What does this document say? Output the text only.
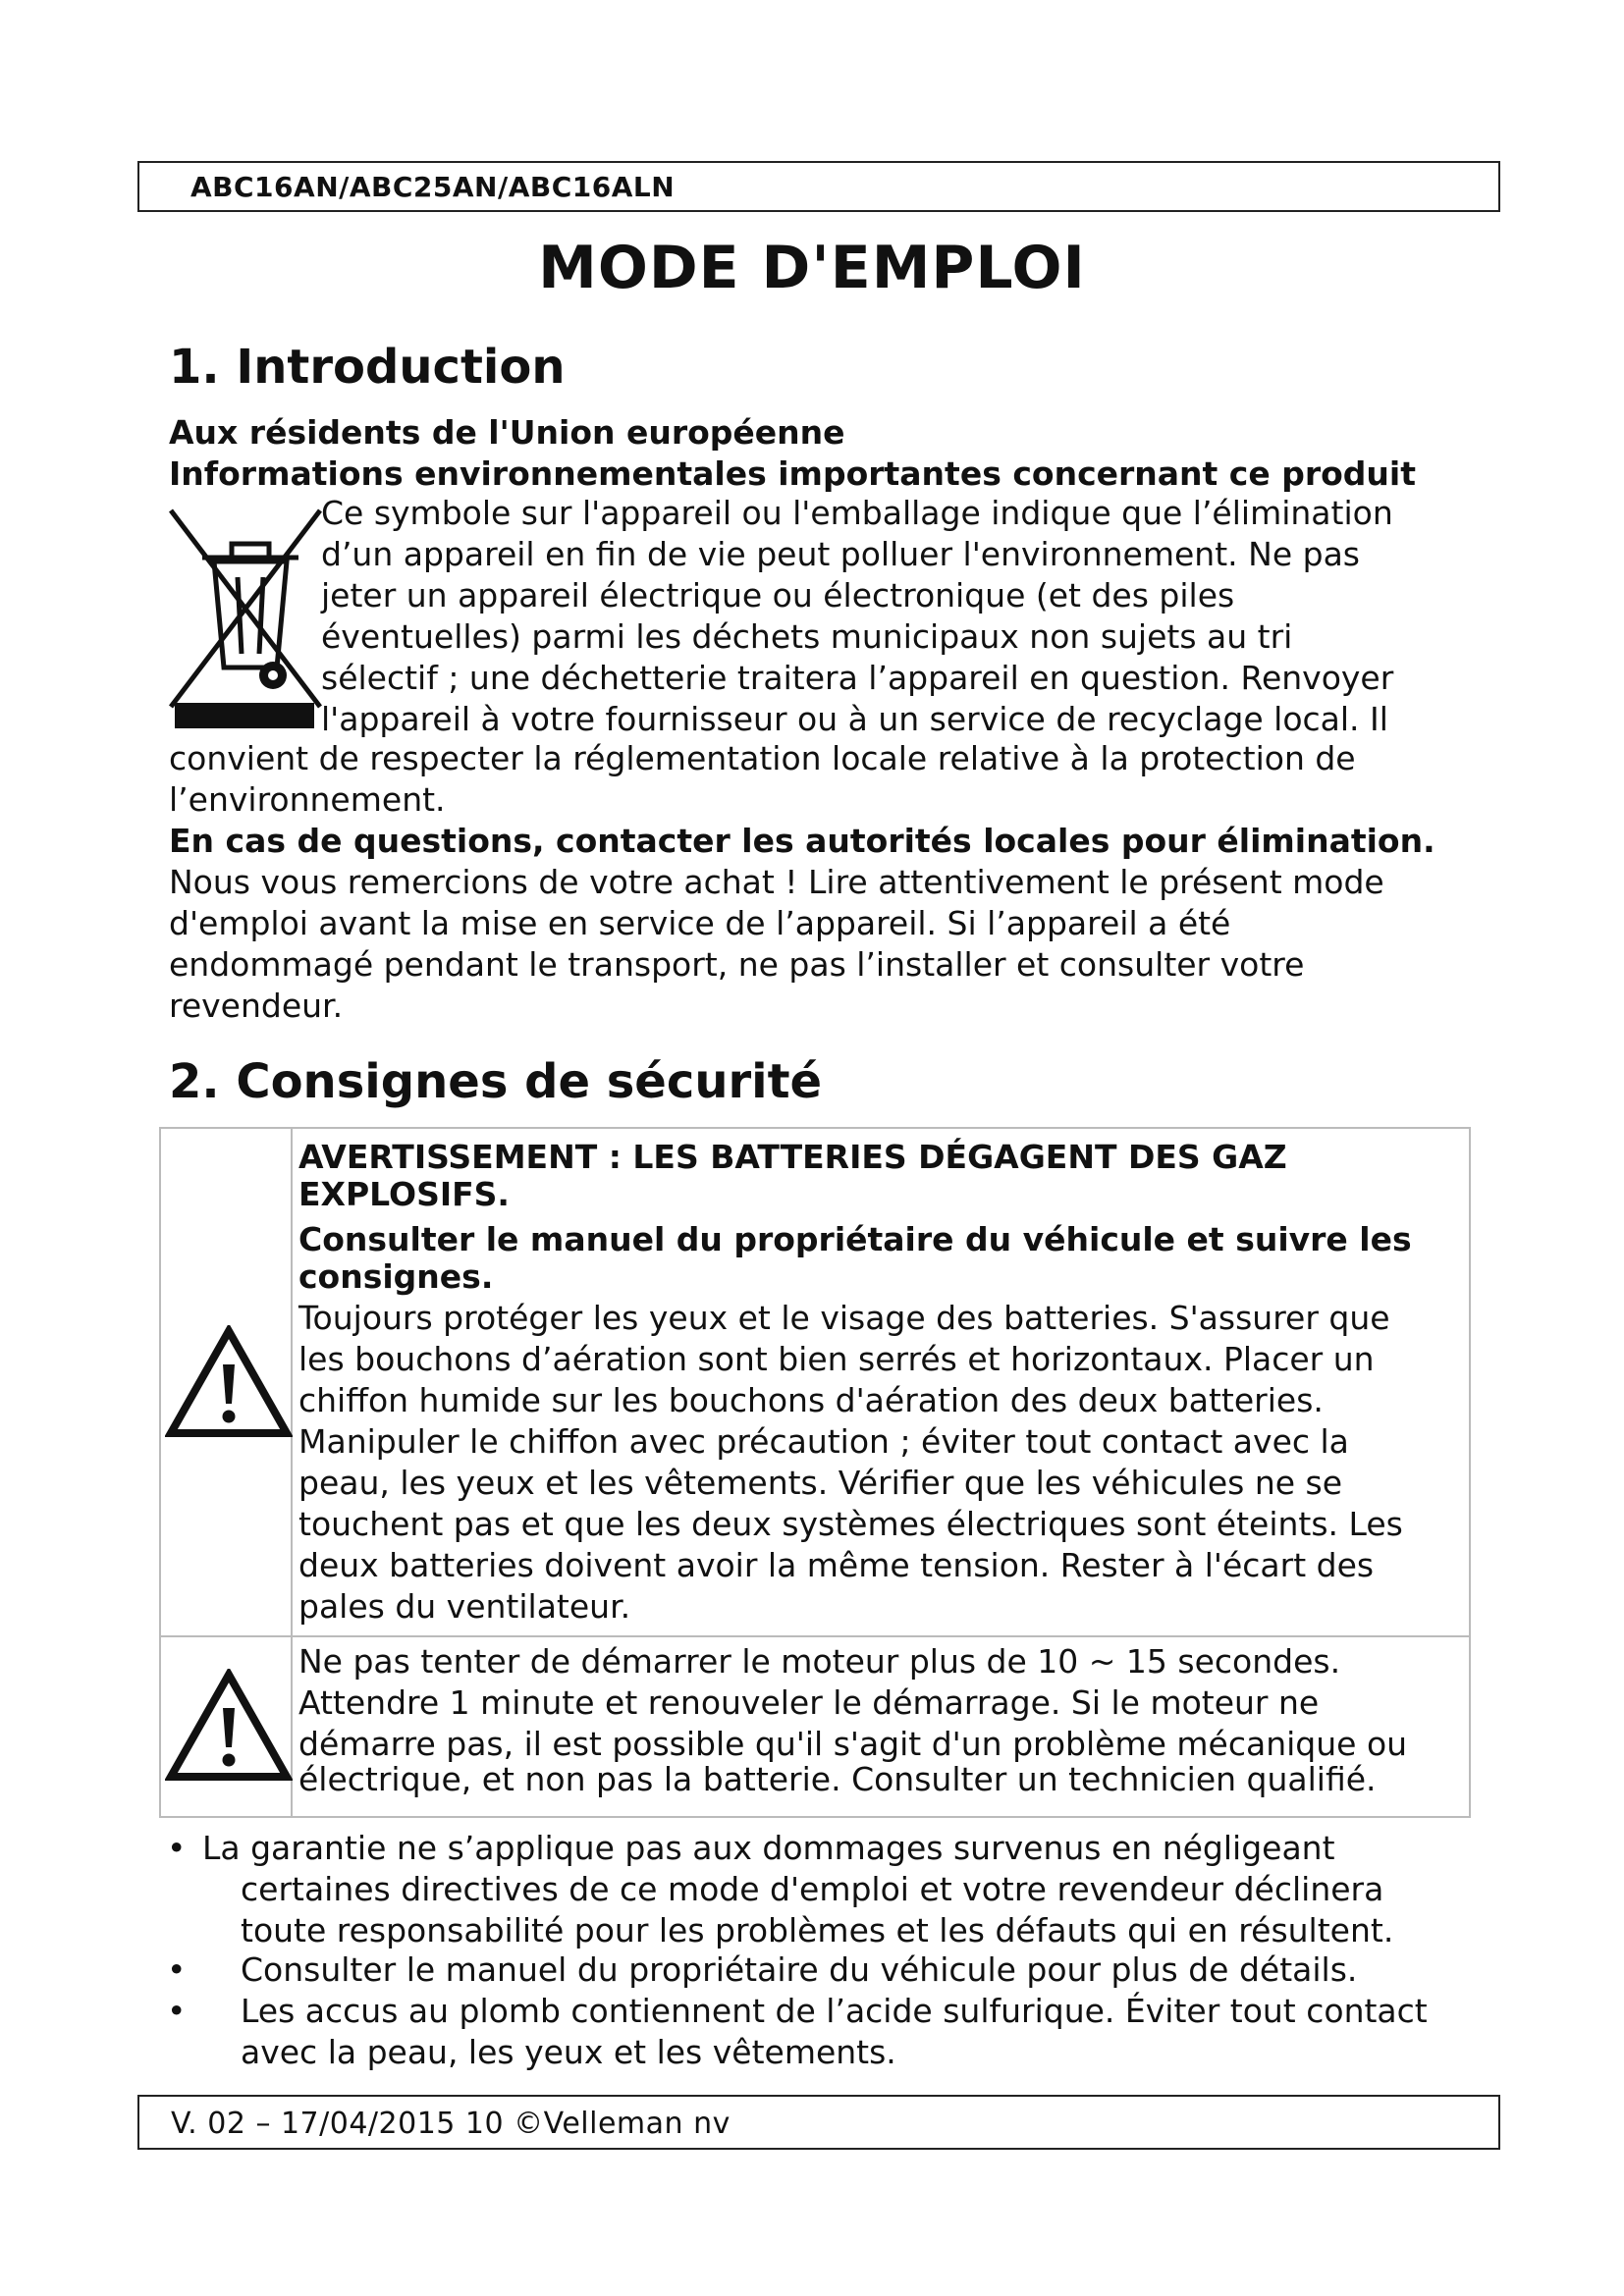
ABC16AN/ABC25AN/ABC16ALN
MODE D'EMPLOI
1. Introduction
Aux résidents de l'Union européenne
Informations environnementales importantes concernant ce produit
Ce symbole sur l'appareil ou l'emballage indique que l’élimination
d’un appareil en fin de vie peut polluer l'environnement. Ne pas
jeter un appareil électrique ou électronique (et des piles
éventuelles) parmi les déchets municipaux non sujets au tri
sélectif ; une déchetterie traitera l’appareil en question. Renvoyer
l'appareil à votre fournisseur ou à un service de recyclage local. Il
convient de respecter la réglementation locale relative à la protection de
l’environnement.
En cas de questions, contacter les autorités locales pour élimination.
Nous vous remercions de votre achat ! Lire attentivement le présent mode
d'emploi avant la mise en service de l’appareil. Si l’appareil a été
endommagé pendant le transport, ne pas l’installer et consulter votre
revendeur.
2. Consignes de sécurité
AVERTISSEMENT : LES BATTERIES DÉGAGENT DES GAZ
EXPLOSIFS.
Consulter le manuel du propriétaire du véhicule et suivre les
consignes.
Toujours protéger les yeux et le visage des batteries. S'assurer que
les bouchons d’aération sont bien serrés et horizontaux. Placer un
chiffon humide sur les bouchons d'aération des deux batteries.
Manipuler le chiffon avec précaution ; éviter tout contact avec la
peau, les yeux et les vêtements. Vérifier que les véhicules ne se
touchent pas et que les deux systèmes électriques sont éteints. Les
deux batteries doivent avoir la même tension. Rester à l'écart des
pales du ventilateur.
Ne pas tenter de démarrer le moteur plus de 10 ~ 15 secondes.
Attendre 1 minute et renouveler le démarrage. Si le moteur ne
démarre pas, il est possible qu'il s'agit d'un problème mécanique ou
électrique, et non pas la batterie. Consulter un technicien qualifié.
• La garantie ne s’applique pas aux dommages survenus en négligeant
certaines directives de ce mode d'emploi et votre revendeur déclinera
toute responsabilité pour les problèmes et les défauts qui en résultent.
• Consulter le manuel du propriétaire du véhicule pour plus de détails.
• Les accus au plomb contiennent de l’acide sulfurique. Éviter tout contact
avec la peau, les yeux et les vêtements.
V. 02 – 17/04/2015 10 ©Velleman nv
